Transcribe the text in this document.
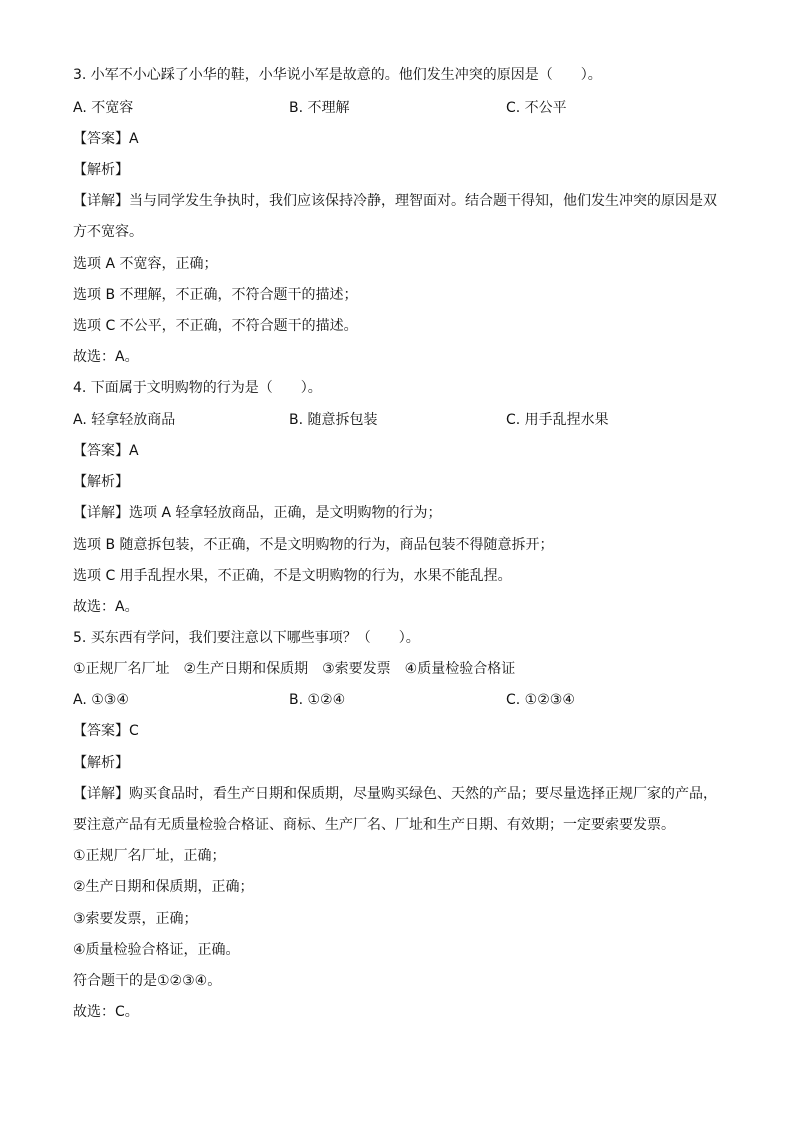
3. 小军不小心踩了小华的鞋，小华说小军是故意的。他们发生冲突的原因是（　　）。
A. 不宽容	B. 不理解	C. 不公平
【答案】A
【解析】
【详解】当与同学发生争执时，我们应该保持冷静，理智面对。结合题干得知，他们发生冲突的原因是双
方不宽容。
选项 A 不宽容，正确；
选项 B 不理解，不正确，不符合题干的描述；
选项 C 不公平，不正确，不符合题干的描述。
故选：A。
4. 下面属于文明购物的行为是（　　）。
A. 轻拿轻放商品	B. 随意拆包装	C. 用手乱捏水果
【答案】A
【解析】
【详解】选项 A 轻拿轻放商品，正确，是文明购物的行为；
选项 B 随意拆包装，不正确，不是文明购物的行为，商品包装不得随意拆开；
选项 C 用手乱捏水果，不正确，不是文明购物的行为，水果不能乱捏。
故选：A。
5. 买东西有学问，我们要注意以下哪些事项？（　　）。
①正规厂名厂址　②生产日期和保质期　③索要发票　④质量检验合格证
A. ①③④	B. ①②④	C. ①②③④
【答案】C
【解析】
【详解】购买食品时，看生产日期和保质期，尽量购买绿色、天然的产品；要尽量选择正规厂家的产品，
要注意产品有无质量检验合格证、商标、生产厂名、厂址和生产日期、有效期；一定要索要发票。
①正规厂名厂址，正确；
②生产日期和保质期，正确；
③索要发票，正确；
④质量检验合格证，正确。
符合题干的是①②③④。
故选：C。
